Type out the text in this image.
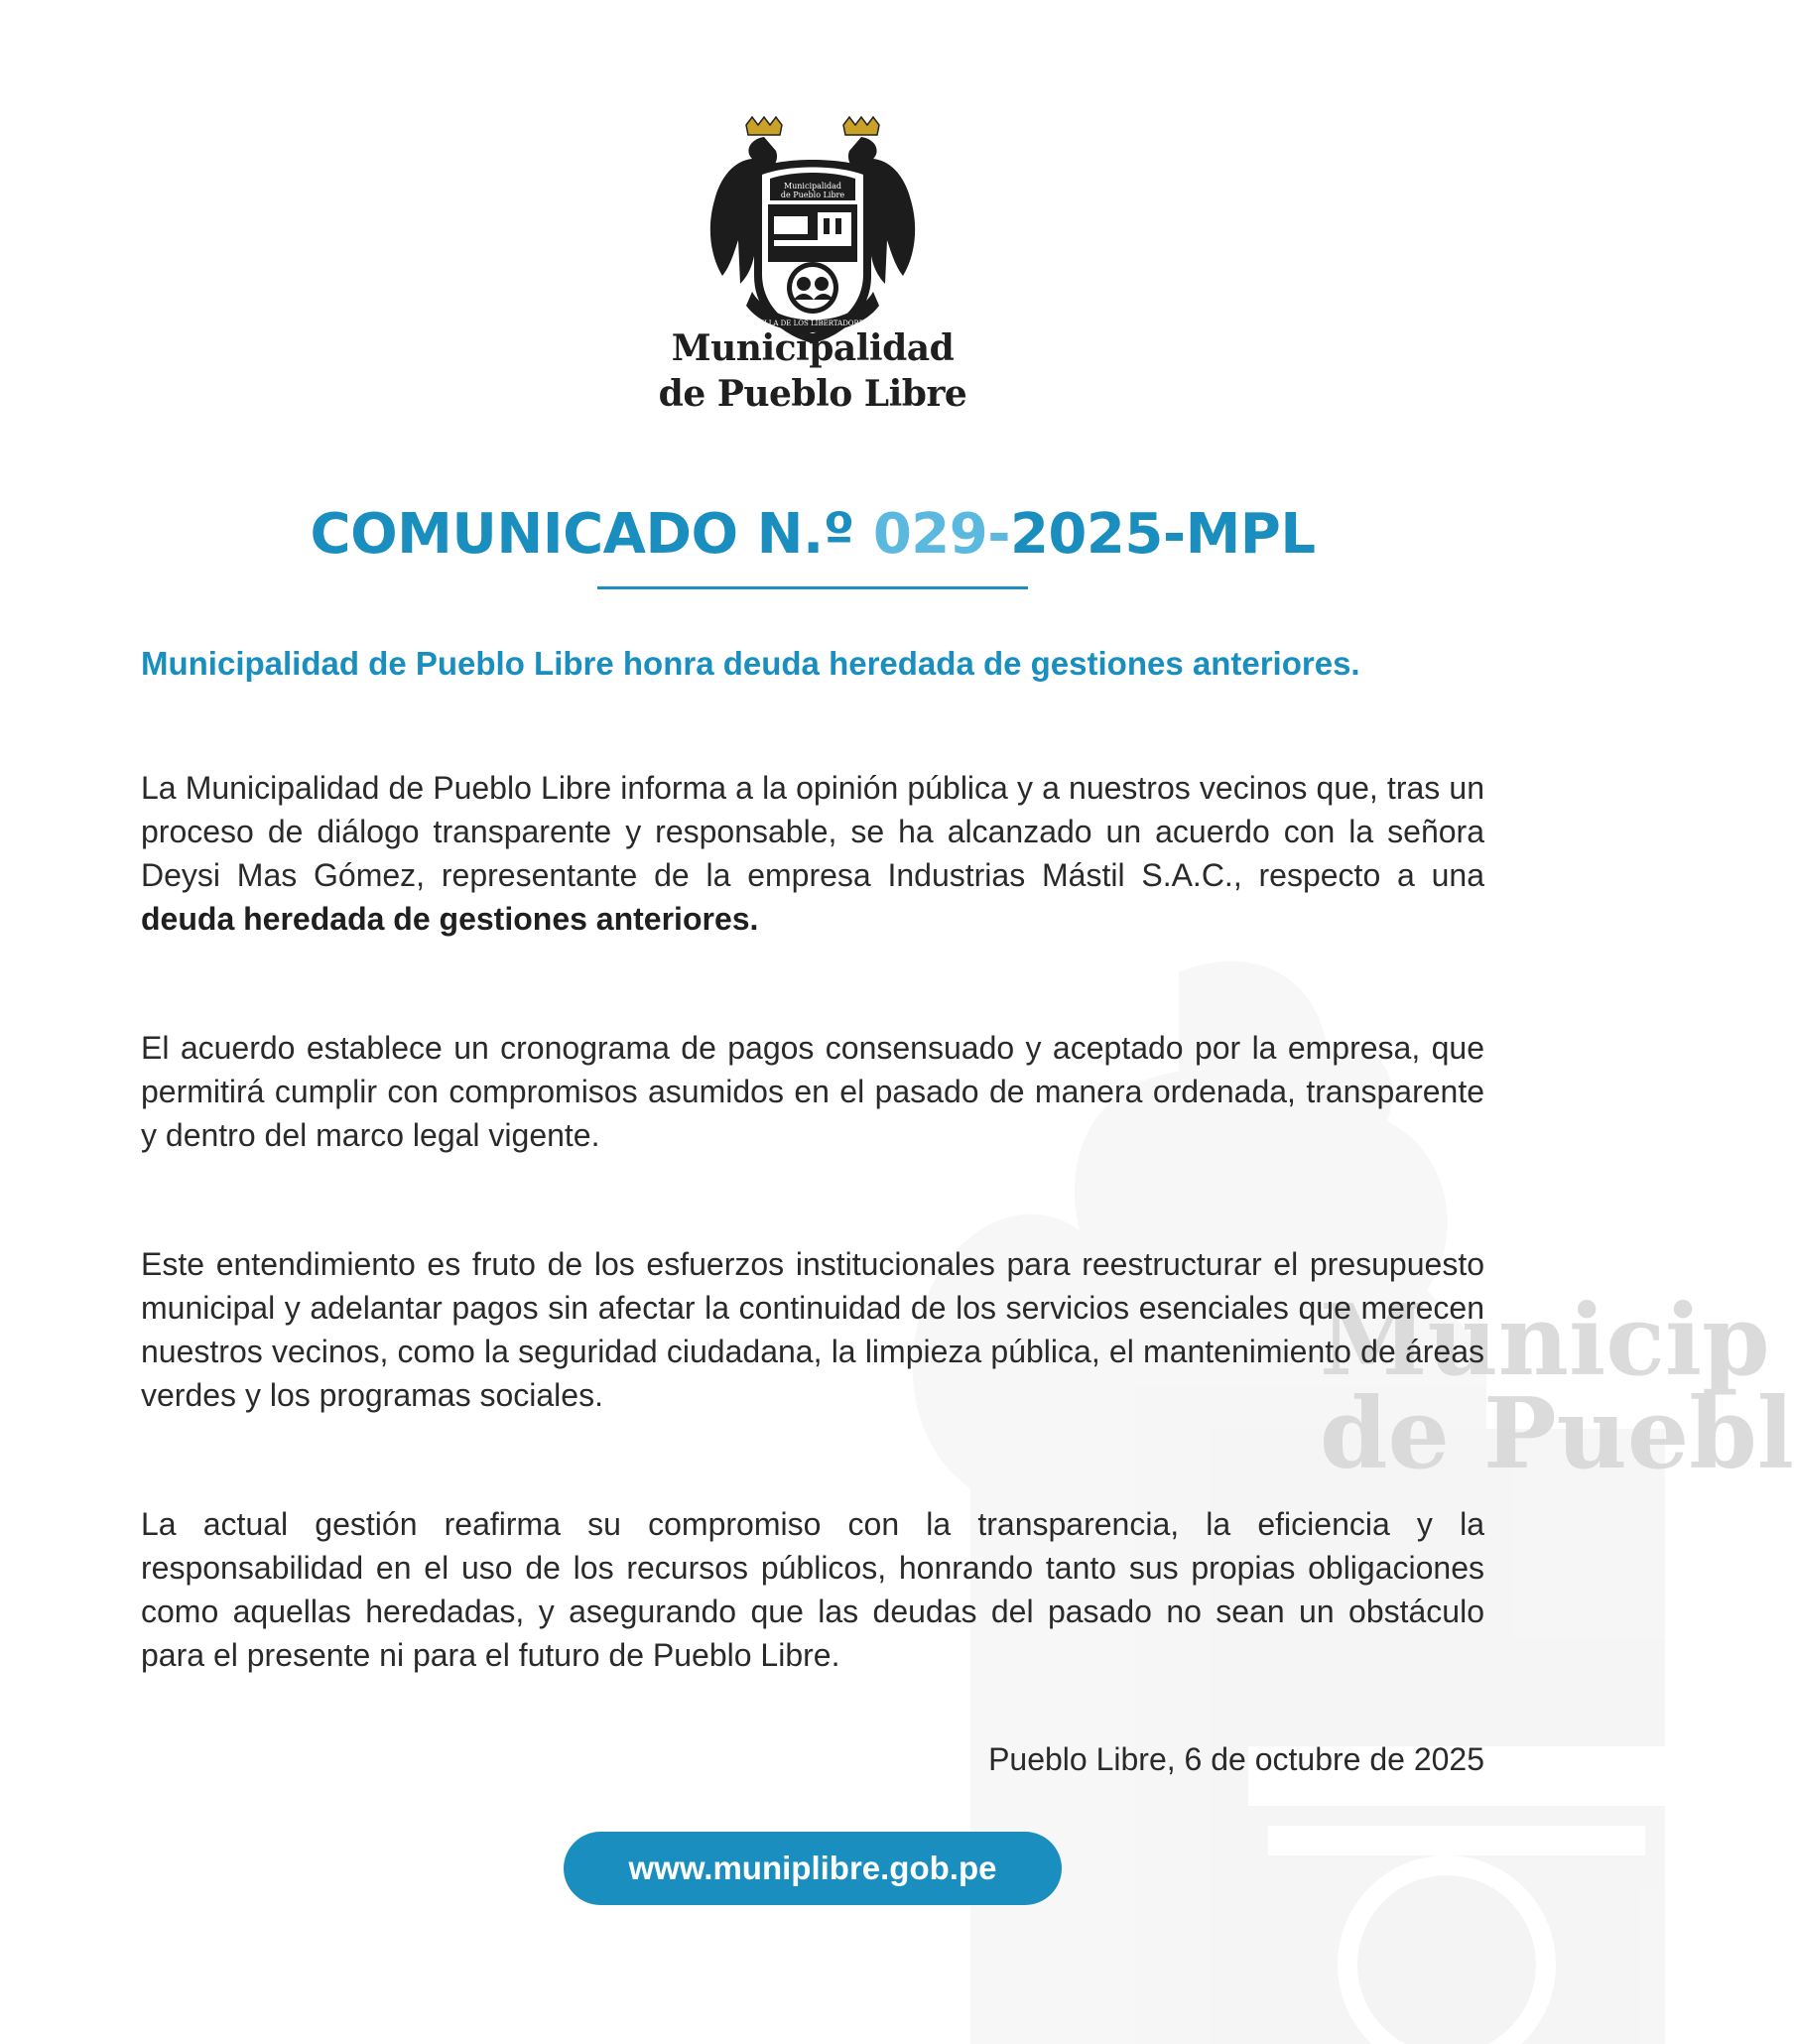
Municip
de Puebl
Municipalidad
de Pueblo Libre
VILLA DE LOS LIBERTADORES
Municipalidad
de Pueblo Libre
COMUNICADO N.º 029-2025-MPL
Municipalidad de Pueblo Libre honra deuda heredada de gestiones anteriores.
La Municipalidad de Pueblo Libre informa a la opinión pública y a nuestros vecinos que, tras un proceso de diálogo transparente y responsable, se ha alcanzado un acuerdo con la señora Deysi Mas Gómez, representante de la empresa Industrias Mástil S.A.C., respecto a una deuda heredada de gestiones anteriores.
El acuerdo establece un cronograma de pagos consensuado y aceptado por la empresa, que permitirá cumplir con compromisos asumidos en el pasado de manera ordenada, transparente y dentro del marco legal vigente.
Este entendimiento es fruto de los esfuerzos institucionales para reestructurar el presupuesto municipal y adelantar pagos sin afectar la continuidad de los servicios esenciales que merecen nuestros vecinos, como la seguridad ciudadana, la limpieza pública, el mantenimiento de áreas verdes y los programas sociales.
La actual gestión reafirma su compromiso con la transparencia, la eficiencia y la responsabilidad en el uso de los recursos públicos, honrando tanto sus propias obligaciones como aquellas heredadas, y asegurando que las deudas del pasado no sean un obstáculo para el presente ni para el futuro de Pueblo Libre.
Pueblo Libre, 6 de octubre de 2025
www.muniplibre.gob.pe
